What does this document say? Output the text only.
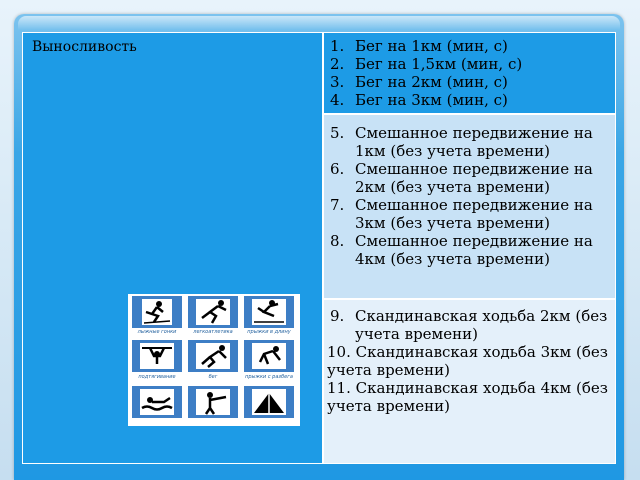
Выносливость	1. Бег на 1км (мин, с)
2. Бег на 1,5км (мин, с)
3. Бег на 2км (мин, с)
4. Бег на 3км (мин, с)
5. Смешанное передвижение на 1км (без учета времени)
6. Смешанное передвижение на 2км (без учета времени)
7. Смешанное передвижение на 3км (без учета времени)
8. Смешанное передвижение на 4км (без учета времени)
9. Скандинавская ходьба 2км (без учета времени)
10. Скандинавская ходьба 3км (без учета времени)
11. Скандинавская ходьба 4км (без учета времени)
лыжные гонки	легкоатлетика	прыжки в длину
подтягивание	бег	прыжки с разбега
